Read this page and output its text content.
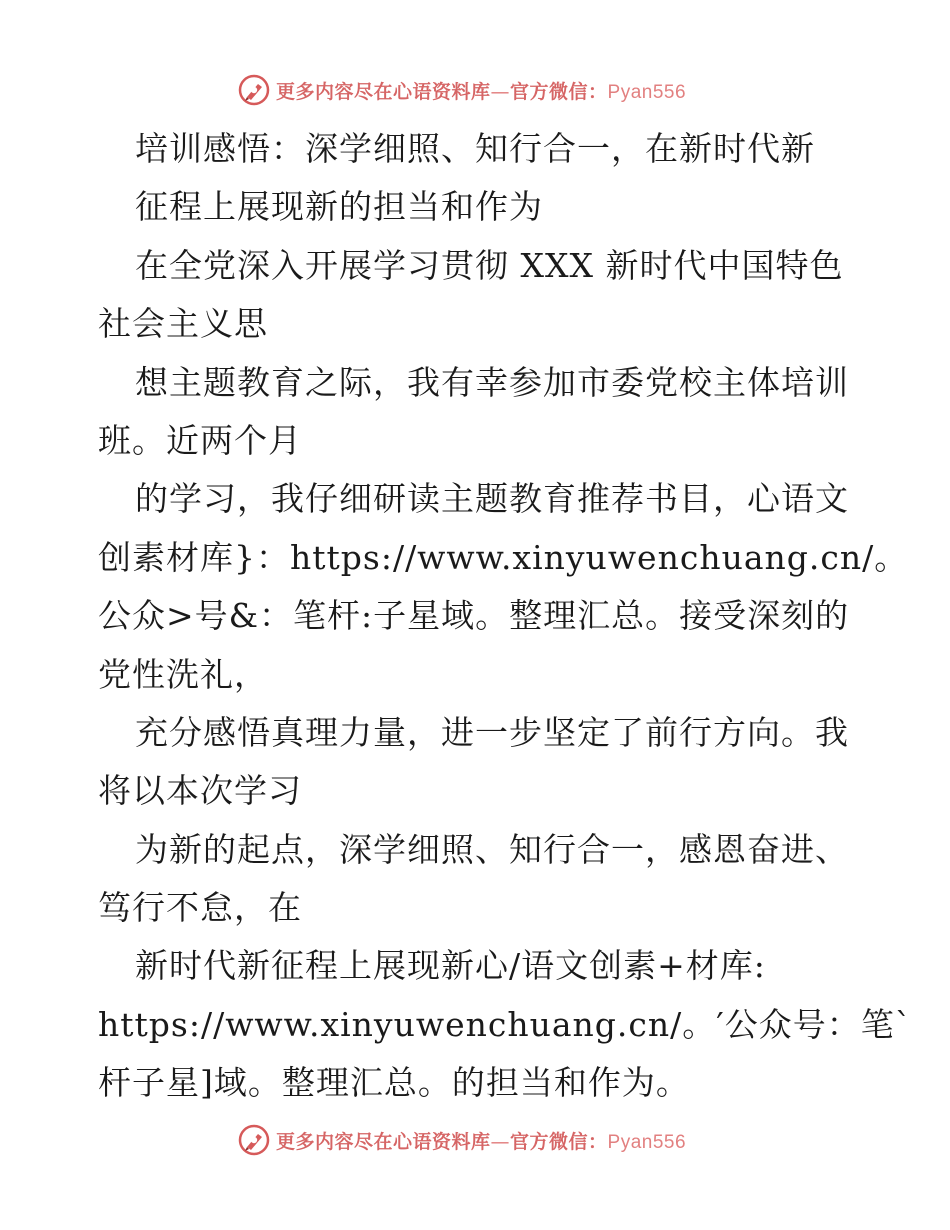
更多内容尽在心语资料库—官方微信：Pyan556
培训感悟：深学细照、知行合一，在新时代新
征程上展现新的担当和作为
在全党深入开展学习贯彻 XXX 新时代中国特色
社会主义思
想主题教育之际，我有幸参加市委党校主体培训
班。近两个月
的学习，我仔细研读主题教育推荐书目，心语文
创素材库}：https://www.xinyuwenchuang.cn/。
公众>号&：笔杆:子星域。整理汇总。接受深刻的
党性洗礼，
充分感悟真理力量，进一步坚定了前行方向。我
将以本次学习
为新的起点，深学细照、知行合一，感恩奋进、
笃行不怠，在
新时代新征程上展现新心/语文创素+材库:
https://www.xinyuwenchuang.cn/。′公众号：笔`
杆子星]域。整理汇总。的担当和作为。
更多内容尽在心语资料库—官方微信：Pyan556
